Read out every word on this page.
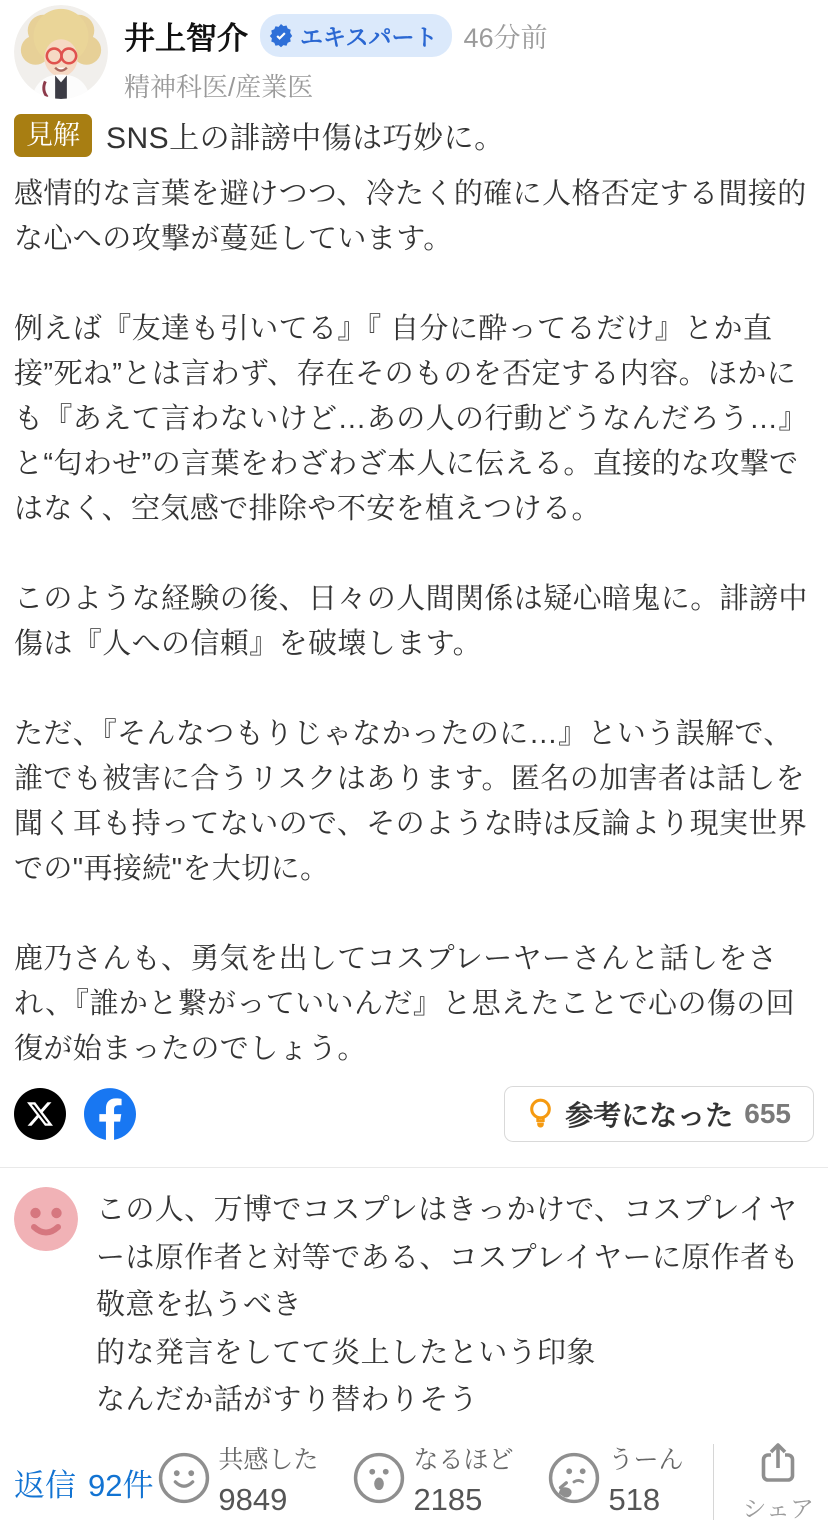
井上智介 エキスパート 46分前
精神科医/産業医
見解 SNS上の誹謗中傷は巧妙に。

感情的な言葉を避けつつ、冷たく的確に人格否定する間接的な心への攻撃が蔓延しています。

例えば『友達も引いてる』『 自分に酔ってるだけ』とか直接”死ね”とは言わず、存在そのものを否定する内容。ほかにも『あえて言わないけど…あの人の行動どうなんだろう…』と“匂わせ”の言葉をわざわざ本人に伝える。直接的な攻撃ではなく、空気感で排除や不安を植えつける。

このような経験の後、日々の人間関係は疑心暗鬼に。誹謗中傷は『人への信頼』を破壊します。

ただ、『そんなつもりじゃなかったのに…』という誤解で、誰でも被害に合うリスクはあります。匿名の加害者は話しを聞く耳も持ってないので、そのような時は反論より現実世界での"再接続"を大切に。

鹿乃さんも、勇気を出してコスプレーヤーさんと話しをされ、『誰かと繋がっていいんだ』と思えたことで心の傷の回復が始まったのでしょう。

参考になった 655
この人、万博でコスプレはきっかけで、コスプレイヤーは原作者と対等である、コスプレイヤーに原作者も敬意を払うべき
的な発言をしてて炎上したという印象
なんだか話がすり替わりそう
返信 92件
共感した
9849
なるほど
2185
うーん
518	シェア
